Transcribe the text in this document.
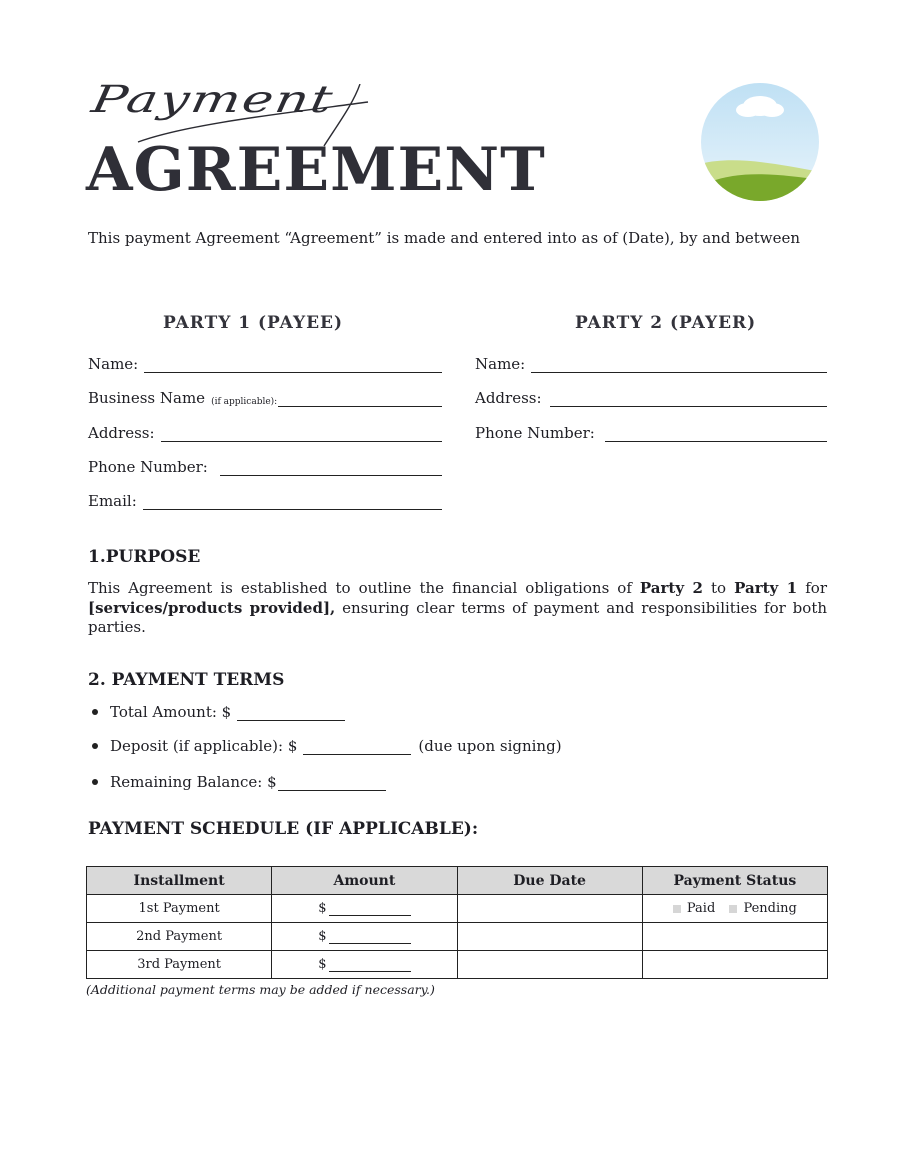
Payment
AGREEMENT
This payment Agreement “Agreement” is made and entered into as of (Date), by and between
PARTY 1 (PAYEE)	PARTY 2 (PAYER)
Name:
Business Name (if applicable):
Address:
Phone Number:
Email:
Name:
Address:
Phone Number:
1.PURPOSE
This Agreement is established to outline the financial obligations of Party 2 to Party 1 for [services/products provided], ensuring clear terms of payment and responsibilities for both parties.
2. PAYMENT TERMS
Total Amount: $
Deposit (if applicable): $	(due upon signing)
Remaining Balance: $
PAYMENT SCHEDULE (IF APPLICABLE):
Installment	Amount	Due Date	Payment Status
1st Payment	$		Paid Pending
2nd Payment	$		

3rd Payment	$		

(Additional payment terms may be added if necessary.)
